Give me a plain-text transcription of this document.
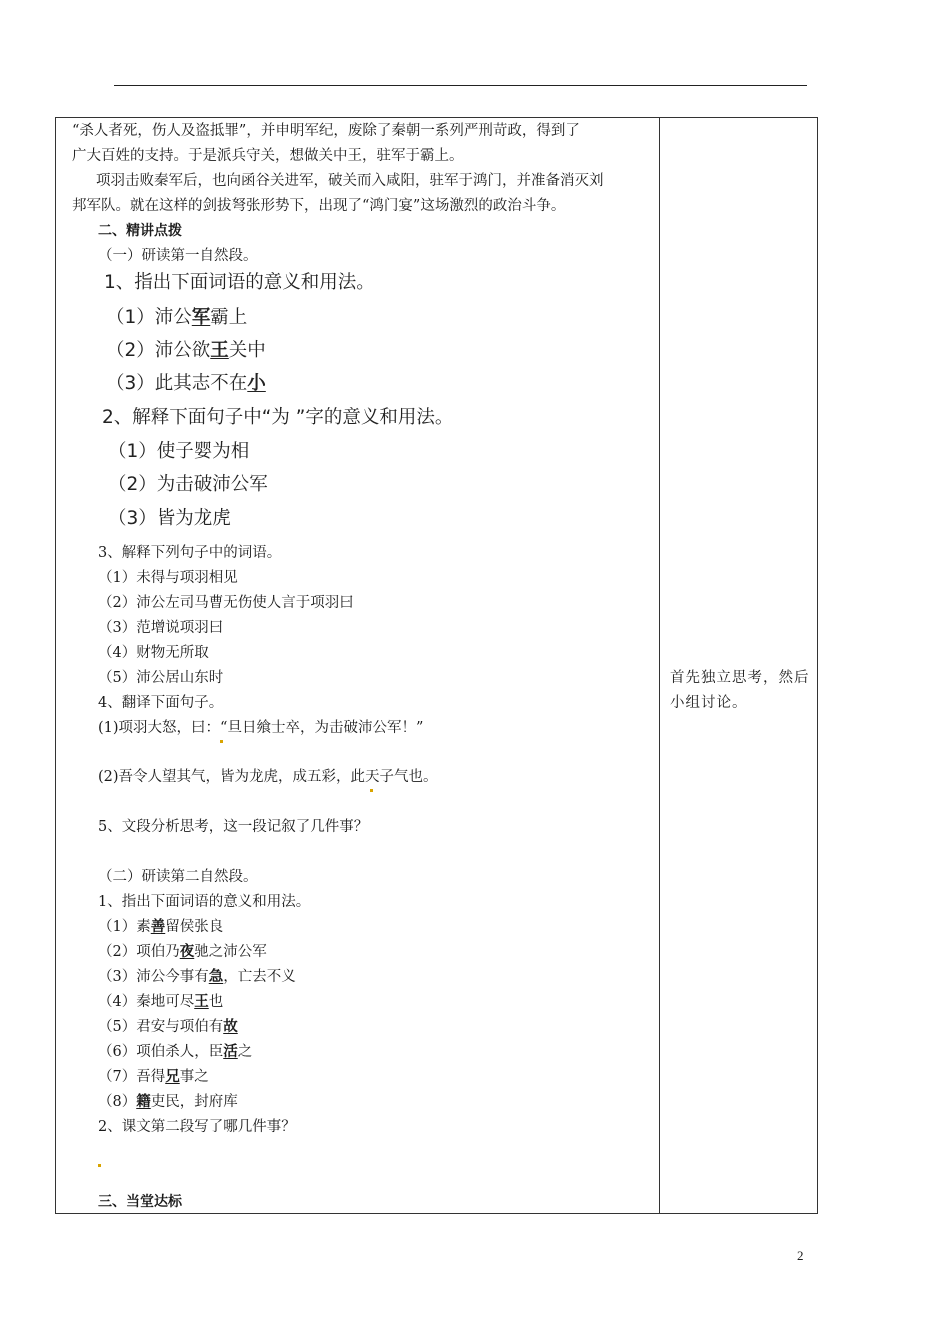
“杀人者死，伤人及盗抵罪”，并申明军纪，废除了秦朝一系列严刑苛政，得到了
广大百姓的支持。于是派兵守关，想做关中王，驻军于霸上。
项羽击败秦军后，也向函谷关进军，破关而入咸阳，驻军于鸿门，并准备消灭刘
邦军队。就在这样的剑拔弩张形势下，出现了“鸿门宴”这场激烈的政治斗争。
二、精讲点拨
（一）研读第一自然段。
1、指出下面词语的意义和用法。
（1）沛公军霸上
（2）沛公欲王关中
（3）此其志不在小
2、解释下面句子中“为 ”字的意义和用法。
（1）使子婴为相
（2）为击破沛公军
（3）皆为龙虎
3、解释下列句子中的词语。
（1）未得与项羽相见
（2）沛公左司马曹无伤使人言于项羽曰
（3）范增说项羽曰
（4）财物无所取
（5）沛公居山东时
4、翻译下面句子。
(1)项羽大怒，曰：“旦日飨士卒，为击破沛公军！”
(2)吾令人望其气，皆为龙虎，成五彩，此天子气也。
5、文段分析思考，这一段记叙了几件事？
（二）研读第二自然段。
1、指出下面词语的意义和用法。
（1）素善留侯张良
（2）项伯乃夜驰之沛公军
（3）沛公今事有急，亡去不义
（4）秦地可尽王也
（5）君安与项伯有故
（6）项伯杀人，臣活之
（7）吾得兄事之
（8）籍吏民，封府库
2、课文第二段写了哪几件事？
三、当堂达标
首先独立思考，然后小组讨论。
2
